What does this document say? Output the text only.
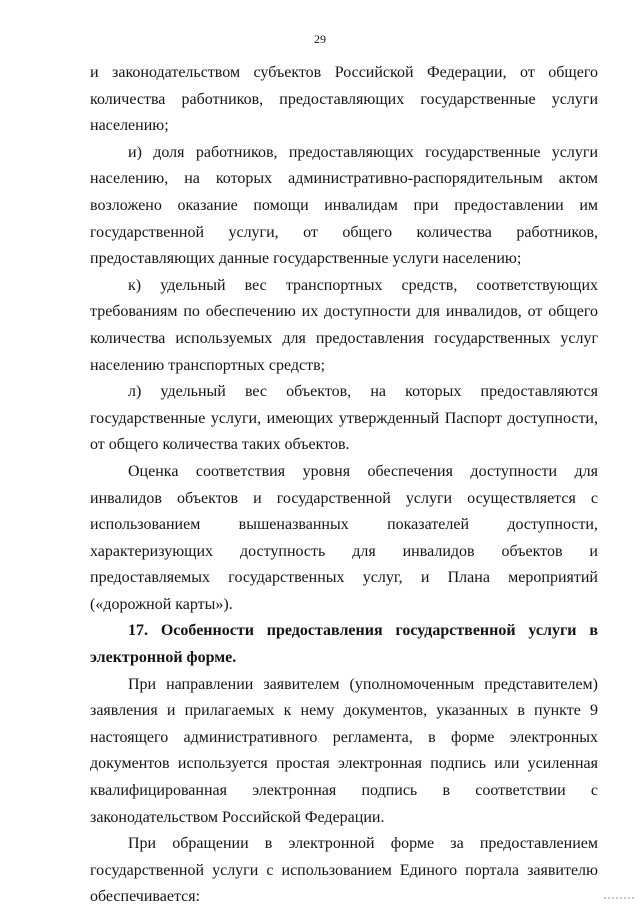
29

и законодательством субъектов Российской Федерации, от общего количества работников, предоставляющих государственные услуги населению;

и) доля работников, предоставляющих государственные услуги населению, на которых административно-распорядительным актом возложено оказание помощи инвалидам при предоставлении им государственной услуги, от общего количества работников, предоставляющих данные государственные услуги населению;

к) удельный вес транспортных средств, соответствующих требованиям по обеспечению их доступности для инвалидов, от общего количества используемых для предоставления государственных услуг населению транспортных средств;

л) удельный вес объектов, на которых предоставляются государственные услуги, имеющих утвержденный Паспорт доступности, от общего количества таких объектов.

Оценка соответствия уровня обеспечения доступности для инвалидов объектов и государственной услуги осуществляется с использованием вышеназванных показателей доступности, характеризующих доступность для инвалидов объектов и предоставляемых государственных услуг, и Плана мероприятий («дорожной карты»).

17. Особенности предоставления государственной услуги в электронной форме.

При направлении заявителем (уполномоченным представителем) заявления и прилагаемых к нему документов, указанных в пункте 9 настоящего административного регламента, в форме электронных документов используется простая электронная подпись или усиленная квалифицированная электронная подпись в соответствии с законодательством Российской Федерации.

При обращении в электронной форме за предоставлением государственной услуги с использованием Единого портала заявителю обеспечивается:
